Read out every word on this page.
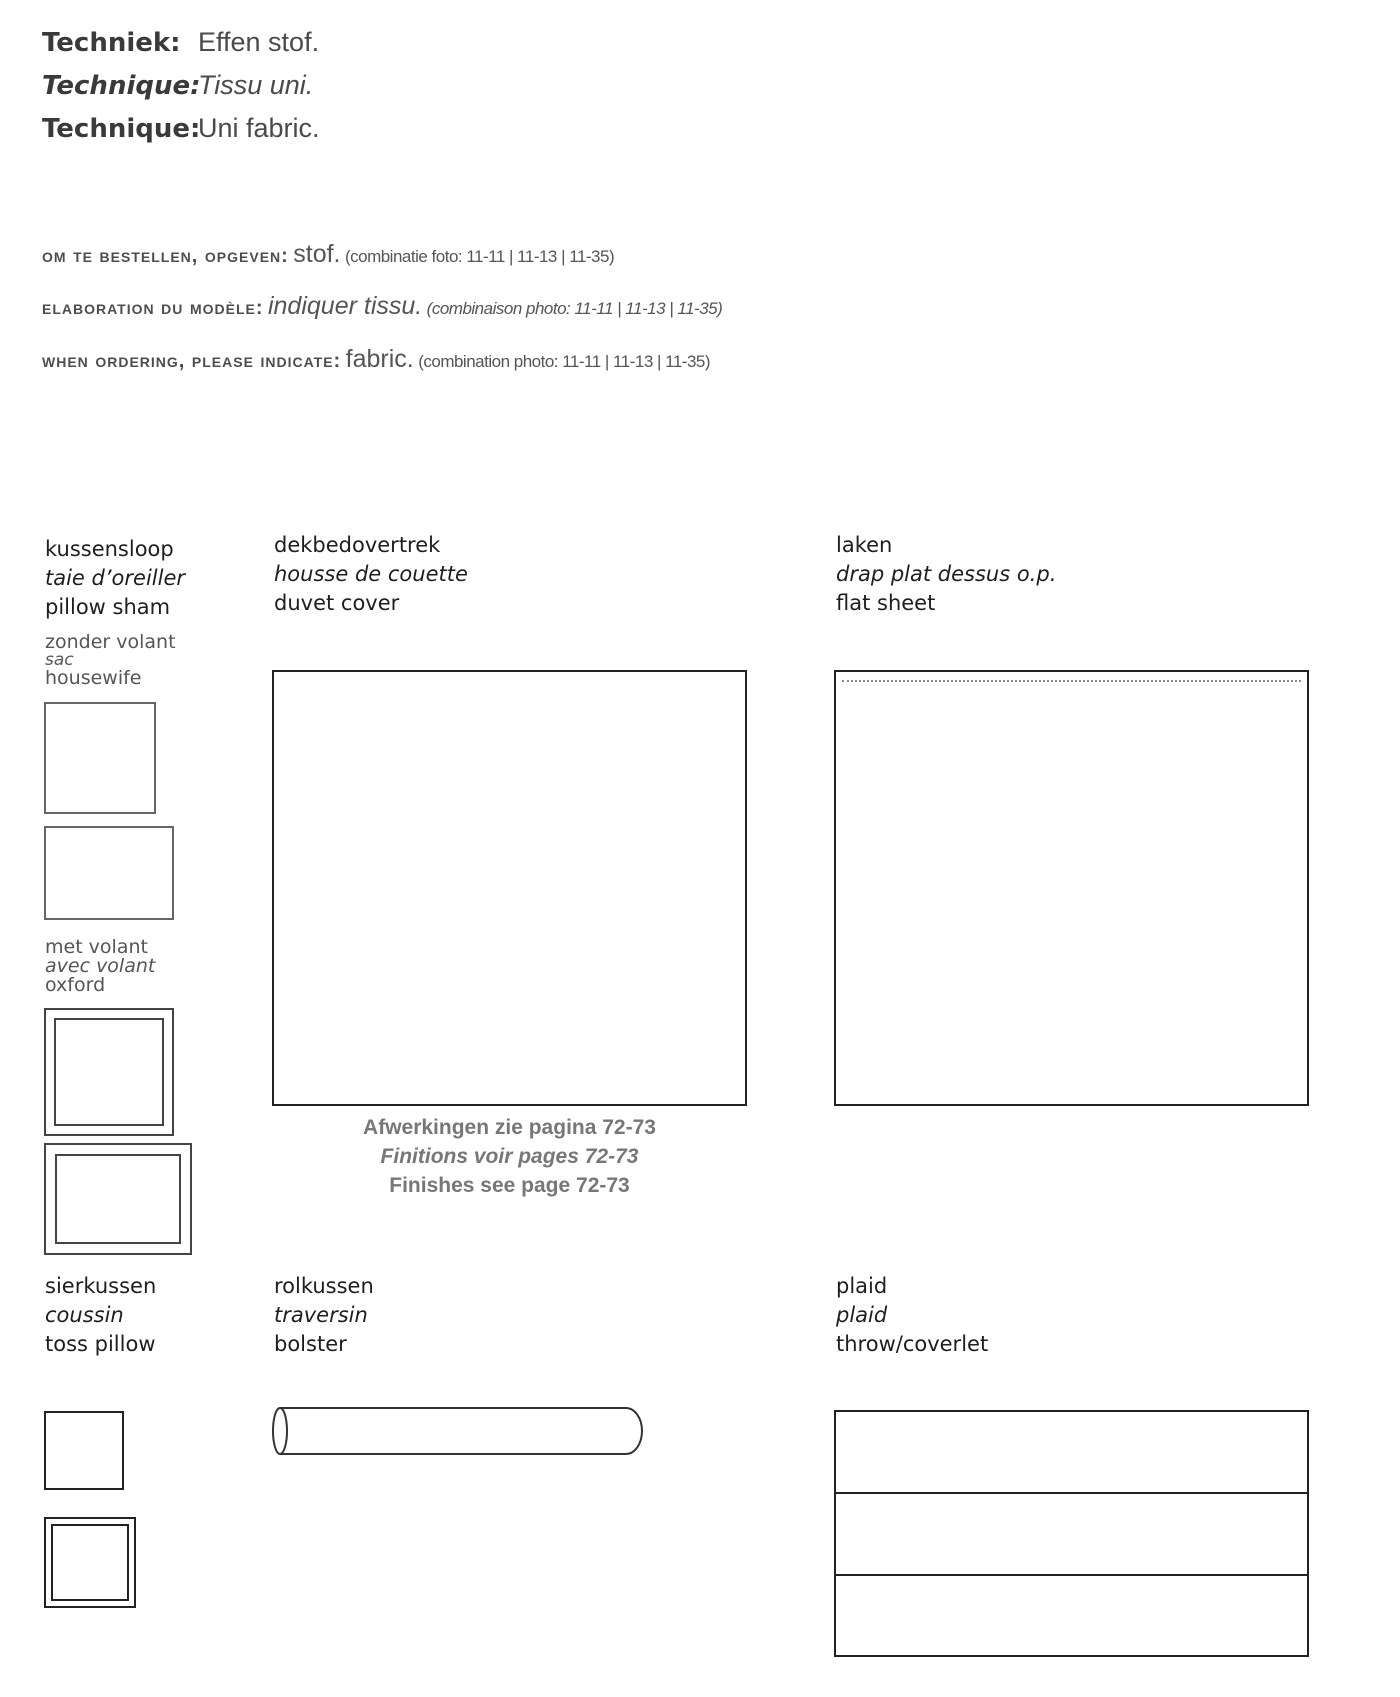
Techniek: Effen stof.
Technique:
Tissu uni.
Technique:
Uni fabric.
om te bestellen, opgeven: stof. (combinatie foto: 11-11 | 11-13 | 11-35)
elaboration du modèle: indiquer tissu. (combinaison photo: 11-11 | 11-13 | 11-35)
when ordering, please indicate: fabric. (combination photo: 11-11 | 11-13 | 11-35)
kussensloop
taie d’oreiller
pillow sham
zonder volant
sac
housewife
met volant
avec volant
oxford
dekbedovertrek
housse de couette
duvet cover
Afwerkingen zie pagina 72-73
Finitions voir pages 72-73
Finishes see page 72-73
laken
drap plat dessus o.p.
flat sheet
sierkussen
coussin
toss pillow
rolkussen
traversin
bolster
plaid
plaid
throw/coverlet
